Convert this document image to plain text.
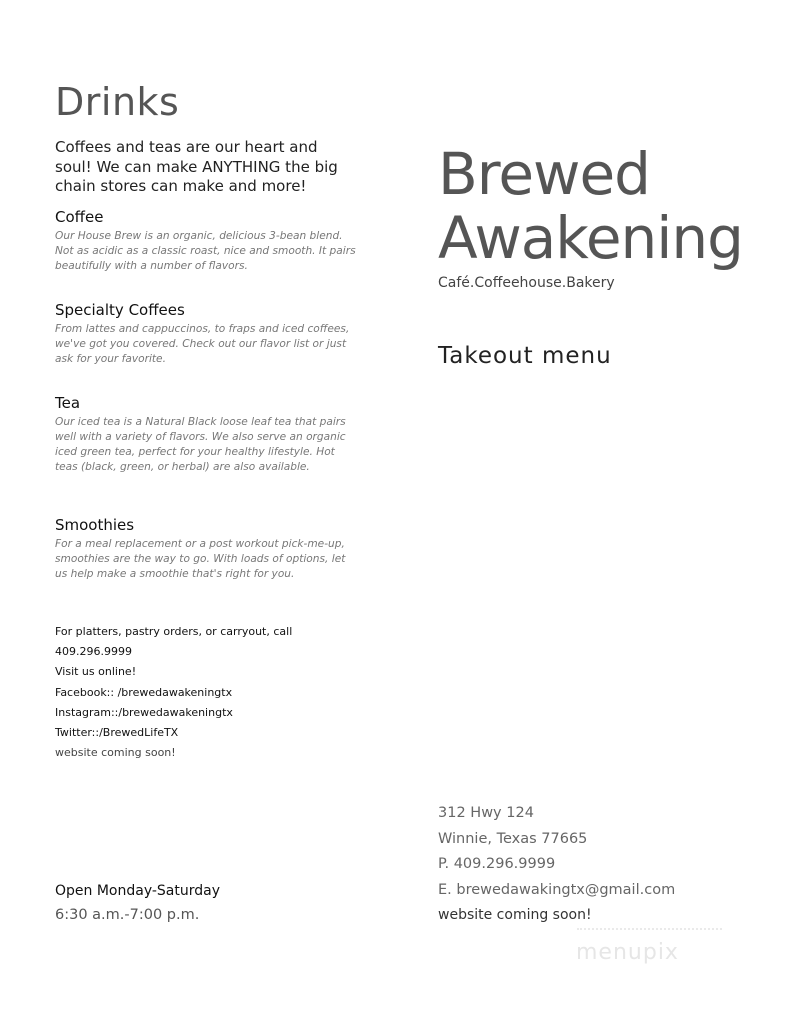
Drinks
Coffees and teas are our heart and soul! We can make ANYTHING the big chain stores can make and more!
Coffee
Our House Brew is an organic, delicious 3-bean blend. Not as acidic as a classic roast, nice and smooth. It pairs beautifully with a number of flavors.
Specialty Coffees
From lattes and cappuccinos, to fraps and iced coffees, we've got you covered. Check out our flavor list or just ask for your favorite.
Tea
Our iced tea is a Natural Black loose leaf tea that pairs well with a variety of flavors. We also serve an organic iced green tea, perfect for your healthy lifestyle. Hot teas (black, green, or herbal) are also available.
Smoothies
For a meal replacement or a post workout pick-me-up, smoothies are the way to go. With loads of options, let us help make a smoothie that's right for you.
For platters, pastry orders, or carryout, call
409.296.9999
Visit us online!
Facebook:: /brewedawakeningtx
Instagram::/brewedawakeningtx
Twitter::/BrewedLifeTX
website coming soon!
Open Monday-Saturday
6:30 a.m.-7:00 p.m.
Brewed
Awakening
Café.Coffeehouse.Bakery
Takeout menu
312 Hwy 124
Winnie, Texas 77665
P. 409.296.9999
E. brewedawakingtx@gmail.com
website coming soon!
menupix
